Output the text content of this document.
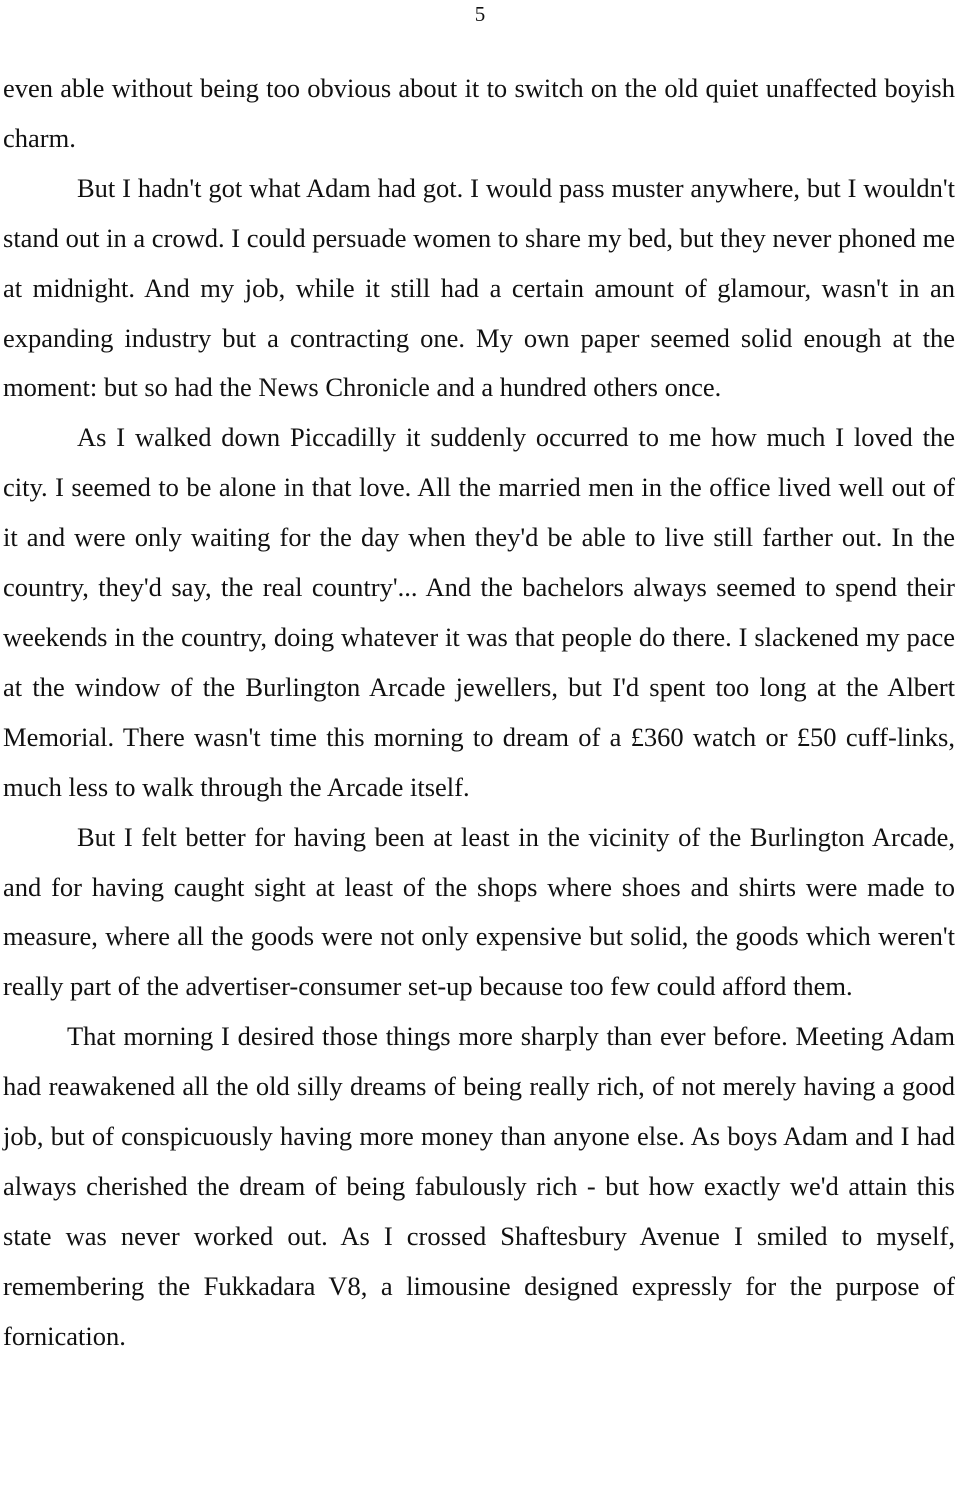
5

even able without being too obvious about it to switch on the old quiet unaffected boyish charm.

But I hadn't got what Adam had got. I would pass muster anywhere, but I wouldn't stand out in a crowd. I could persuade women to share my bed, but they never phoned me at midnight. And my job, while it still had a certain amount of glamour, wasn't in an expanding industry but a contracting one. My own paper seemed solid enough at the moment: but so had the News Chronicle and a hundred others once.

As I walked down Piccadilly it suddenly occurred to me how much I loved the city. I seemed to be alone in that love. All the married men in the office lived well out of it and were only waiting for the day when they'd be able to live still farther out. In the country, they'd say, the real country'... And the bachelors always seemed to spend their weekends in the country, doing whatever it was that people do there. I slackened my pace at the window of the Burlington Arcade jewellers, but I'd spent too long at the Albert Memorial. There wasn't time this morning to dream of a £360 watch or £50 cuff-links, much less to walk through the Arcade itself.

But I felt better for having been at least in the vicinity of the Burlington Arcade, and for having caught sight at least of the shops where shoes and shirts were made to measure, where all the goods were not only expensive but solid, the goods which weren't really part of the advertiser-consumer set-up because too few could afford them.

That morning I desired those things more sharply than ever before. Meeting Adam had reawakened all the old silly dreams of being really rich, of not merely having a good job, but of conspicuously having more money than anyone else. As boys Adam and I had always cherished the dream of being fabulously rich - but how exactly we'd attain this state was never worked out. As I crossed Shaftesbury Avenue I smiled to myself, remembering the Fukkadara V8, a limousine designed expressly for the purpose of fornication.
